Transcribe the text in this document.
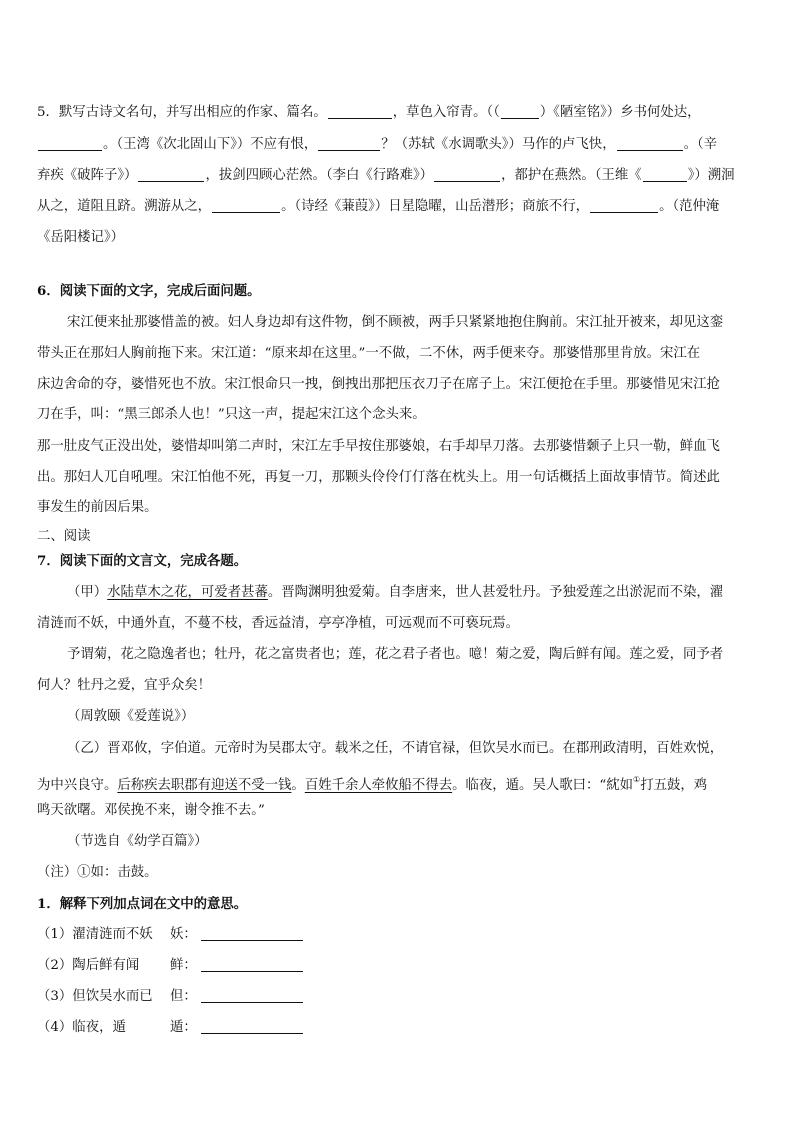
5．默写古诗文名句，并写出相应的作家、篇名。	，草色入帘青。（（	）《陋室铭》）乡书何处达，
。（王湾《次北固山下》）不应有恨，	？（苏轼《水调歌头》）马作的卢飞快，	。（辛
弃疾《破阵子》）	，拔剑四顾心茫然。（李白《行路难》）	，都护在燕然。（王维《	》）溯洄
从之，道阻且跻。溯游从之，	。（诗经《蒹葭》）日星隐曜，山岳潜形；商旅不行，	。（范仲淹
《岳阳楼记》）
6．阅读下面的文字，完成后面问题。
宋江便来扯那婆惜盖的被。妇人身边却有这件物，倒不顾被，两手只紧紧地抱住胸前。宋江扯开被来，却见这銮
带头正在那妇人胸前拖下来。宋江道：“原来却在这里。”一不做，二不休，两手便来夺。那婆惜那里肯放。宋江在
床边舍命的夺，婆惜死也不放。宋江恨命只一拽，倒拽出那把压衣刀子在席子上。宋江便抢在手里。那婆惜见宋江抢
刀在手，叫：“黑三郎杀人也！”只这一声，提起宋江这个念头来。
那一肚皮气正没出处，婆惜却叫第二声时，宋江左手早按住那婆娘，右手却早刀落。去那婆惜颡子上只一勒，鲜血飞
出。那妇人兀自吼哩。宋江怕他不死，再复一刀，那颗头伶伶仃仃落在枕头上。用一句话概括上面故事情节。简述此
事发生的前因后果。
二、阅读
7．阅读下面的文言文，完成各题。
（甲）水陆草木之花，可爱者甚蕃。晋陶渊明独爱菊。自李唐来，世人甚爱牡丹。予独爱莲之出淤泥而不染，濯
清涟而不妖，中通外直，不蔓不枝，香远益清，亭亭净植，可远观而不可亵玩焉。
予谓菊，花之隐逸者也；牡丹，花之富贵者也；莲，花之君子者也。噫！菊之爱，陶后鲜有闻。莲之爱，同予者
何人？牡丹之爱，宜乎众矣！
（周敦颐《爱莲说》）
（乙）晋邓攸，字伯道。元帝时为吴郡太守。载米之任，不请官禄，但饮吴水而已。在郡刑政清明，百姓欢悦，
为中兴良守。后称疾去职郡有迎送不受一钱。百姓千余人牵攸船不得去。临夜，遁。吴人歌曰：“紞如①打五鼓，鸡
鸣天欲曙。邓侯挽不来，谢令推不去。”
（节选自《幼学百篇》）
（注）①如：击鼓。
1．解释下列加点词在文中的意思。
（1）濯清涟而不妖 妖：
（2）陶后鲜有闻 鲜：
（3）但饮吴水而已 但：
（4）临夜，遁	遁：
